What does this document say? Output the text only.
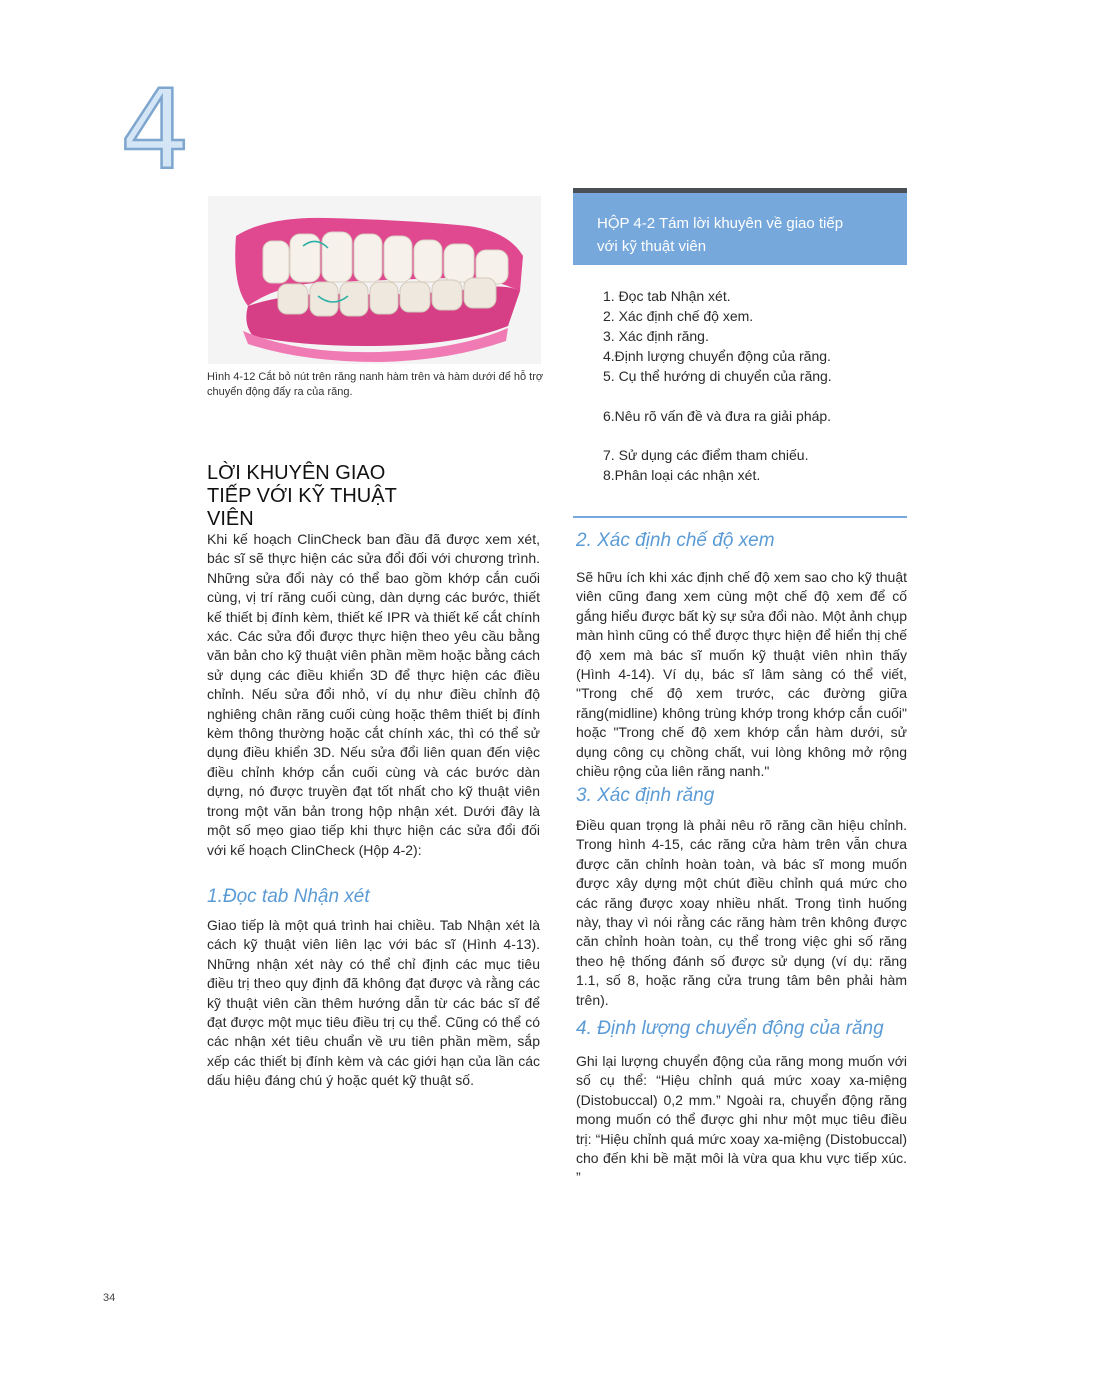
4
Hình 4-12 Cắt bỏ nút trên răng nanh hàm trên và hàm dưới để hỗ trợ chuyển động đẩy ra của răng.
LỜI KHUYÊN GIAO
TIẾP VỚI KỸ THUẬT
VIÊN
Khi kế hoạch ClinCheck ban đầu đã được xem xét, bác sĩ sẽ thực hiện các sửa đổi đối với chương trình. Những sửa đổi này có thể bao gồm khớp cắn cuối cùng, vị trí răng cuối cùng, dàn dựng các bước, thiết kế thiết bị đính kèm, thiết kế IPR và thiết kế cắt chính xác. Các sửa đổi được thực hiện theo yêu cầu bằng văn bản cho kỹ thuật viên phần mềm hoặc bằng cách sử dụng các điều khiển 3D để thực hiện các điều chỉnh. Nếu sửa đổi nhỏ, ví dụ như điều chỉnh độ nghiêng chân răng cuối cùng hoặc thêm thiết bị đính kèm thông thường hoặc cắt chính xác, thì có thể sử dụng điều khiển 3D. Nếu sửa đổi liên quan đến việc điều chỉnh khớp cắn cuối cùng và các bước dàn dựng, nó được truyền đạt tốt nhất cho kỹ thuật viên trong một văn bản trong hộp nhận xét. Dưới đây là một số mẹo giao tiếp khi thực hiện các sửa đổi đối với kế hoạch ClinCheck (Hộp 4-2):
1.Đọc tab Nhận xét
Giao tiếp là một quá trình hai chiều. Tab Nhận xét là cách kỹ thuật viên liên lạc với bác sĩ (Hình 4-13). Những nhận xét này có thể chỉ định các mục tiêu điều trị theo quy định đã không đạt được và rằng các kỹ thuật viên cần thêm hướng dẫn từ các bác sĩ để đạt được một mục tiêu điều trị cụ thể. Cũng có thể có các nhận xét tiêu chuẩn về ưu tiên phần mềm, sắp xếp các thiết bị đính kèm và các giới hạn của lần các dấu hiệu đáng chú ý hoặc quét kỹ thuật số.
HỘP 4-2 Tám lời khuyên về giao tiếp
với kỹ thuật viên
1. Đọc tab Nhận xét.
2. Xác định chế độ xem.
3. Xác định răng.
4.Định lượng chuyển động của răng.
5. Cụ thể hướng di chuyển của răng.
6.Nêu rõ vấn đề và đưa ra giải pháp.
7. Sử dụng các điểm tham chiếu.
8.Phân loại các nhận xét.
2. Xác định chế độ xem
Sẽ hữu ích khi xác định chế độ xem sao cho kỹ thuật viên cũng đang xem cùng một chế độ xem để cố gắng hiểu được bất kỳ sự sửa đổi nào. Một ảnh chụp màn hình cũng có thể được thực hiện để hiển thị chế độ xem mà bác sĩ muốn kỹ thuật viên nhìn thấy (Hình 4-14). Ví dụ, bác sĩ lâm sàng có thể viết, "Trong chế độ xem trước, các đường giữa răng(midline) không trùng khớp trong khớp cắn cuối" hoặc "Trong chế độ xem khớp cắn hàm dưới, sử dụng công cụ chồng chất, vui lòng không mở rộng chiều rộng của liên răng nanh."
3. Xác định răng
Điều quan trọng là phải nêu rõ răng cần hiệu chỉnh. Trong hình 4-15, các răng cửa hàm trên vẫn chưa được căn chỉnh hoàn toàn, và bác sĩ mong muốn được xây dựng một chút điều chỉnh quá mức cho các răng được xoay nhiều nhất. Trong tình huống này, thay vì nói rằng các răng hàm trên không được căn chỉnh hoàn toàn, cụ thể trong việc ghi số răng theo hệ thống đánh số được sử dụng (ví dụ: răng 1.1, số 8, hoặc răng cửa trung tâm bên phải hàm trên).
4. Định lượng chuyển động của răng
Ghi lại lượng chuyển động của răng mong muốn với số cụ thể: “Hiệu chỉnh quá mức xoay xa-miệng (Distobuccal) 0,2 mm.” Ngoài ra, chuyển động răng mong muốn có thể được ghi như một mục tiêu điều trị: “Hiệu chỉnh quá mức xoay xa-miệng (Distobuccal) cho đến khi bề mặt môi là vừa qua khu vực tiếp xúc. ”
34
